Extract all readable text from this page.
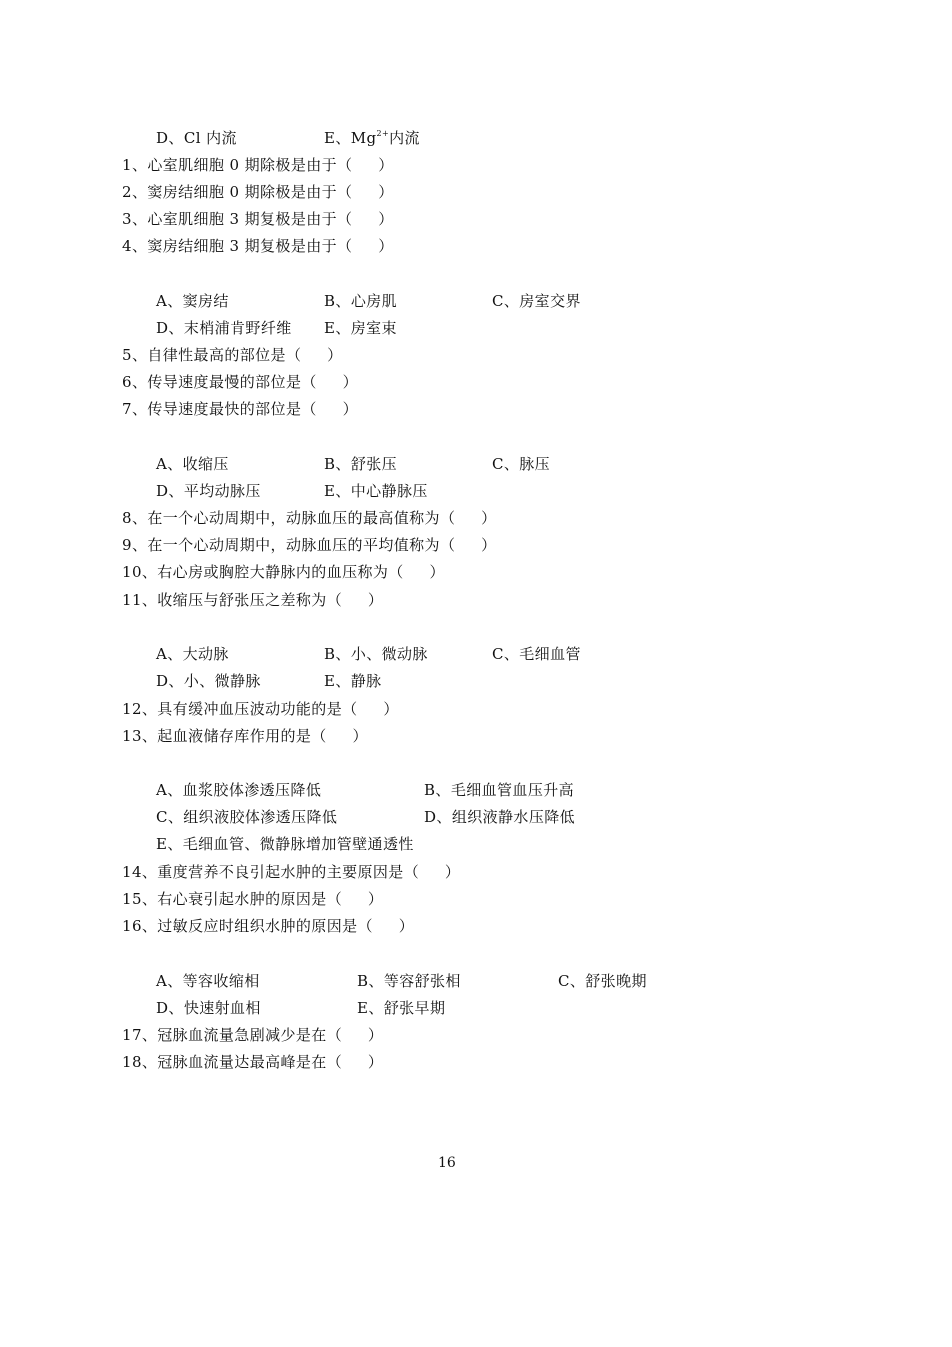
D、Cl 内流	E、$Mg^{2+}$内流
1、心室肌细胞 0 期除极是由于（     ）
2、窦房结细胞 0 期除极是由于（     ）
3、心室肌细胞 3 期复极是由于（     ）
4、窦房结细胞 3 期复极是由于（     ）
A、窦房结	B、心房肌	C、房室交界
D、末梢浦肯野纤维 E、房室束
5、自律性最高的部位是（     ）
6、传导速度最慢的部位是（     ）
7、传导速度最快的部位是（     ）
A、收缩压	B、舒张压	C、脉压
D、平均动脉压	E、中心静脉压
8、在一个心动周期中，动脉血压的最高值称为（     ）
9、在一个心动周期中，动脉血压的平均值称为（     ）
10、右心房或胸腔大静脉内的血压称为（     ）
11、收缩压与舒张压之差称为（     ）
A、大动脉	B、小、微动脉	C、毛细血管
D、小、微静脉	E、静脉
12、具有缓冲血压波动功能的是（     ）
13、起血液储存库作用的是（     ）
A、血浆胶体渗透压降低	B、毛细血管血压升高
C、组织液胶体渗透压降低	D、组织液静水压降低
E、毛细血管、微静脉增加管壁通透性
14、重度营养不良引起水肿的主要原因是（     ）
15、右心衰引起水肿的原因是（     ）
16、过敏反应时组织水肿的原因是（     ）
A、等容收缩相	B、等容舒张相	C、舒张晚期
D、快速射血相	E、舒张早期
17、冠脉血流量急剧减少是在（     ）
18、冠脉血流量达最高峰是在（     ）
16
